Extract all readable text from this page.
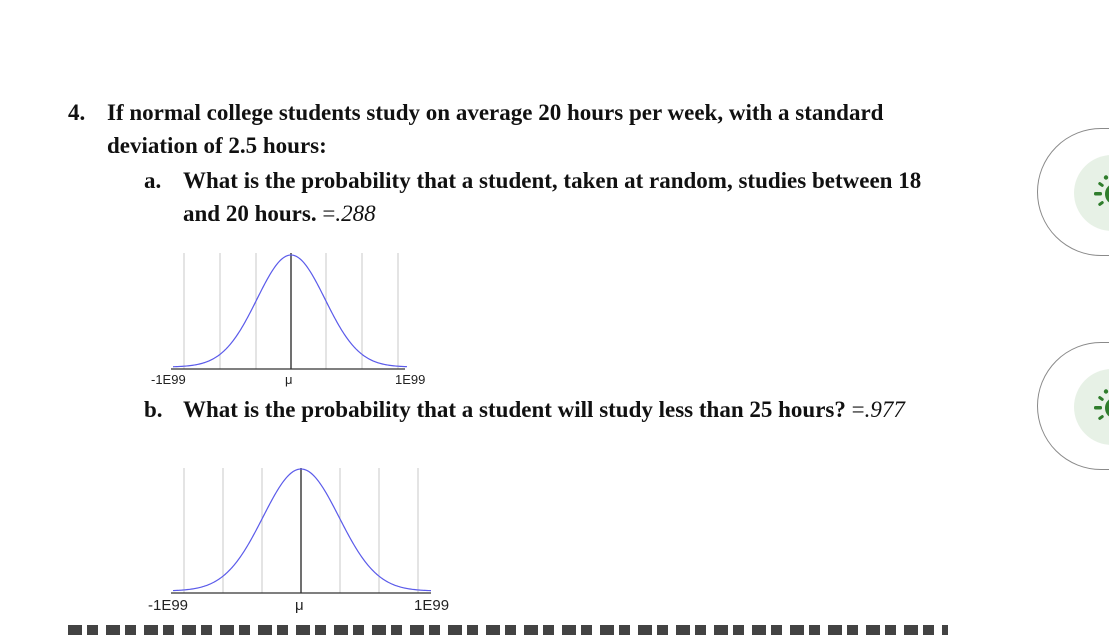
4. If normal college students study on average 20 hours per week, with a standard
deviation of 2.5 hours:
a. What is the probability that a student, taken at random, studies between 18
and 20 hours. =.288
-1E99	μ	1E99
b. What is the probability that a student will study less than 25 hours? =.977
-1E99	μ	1E99
